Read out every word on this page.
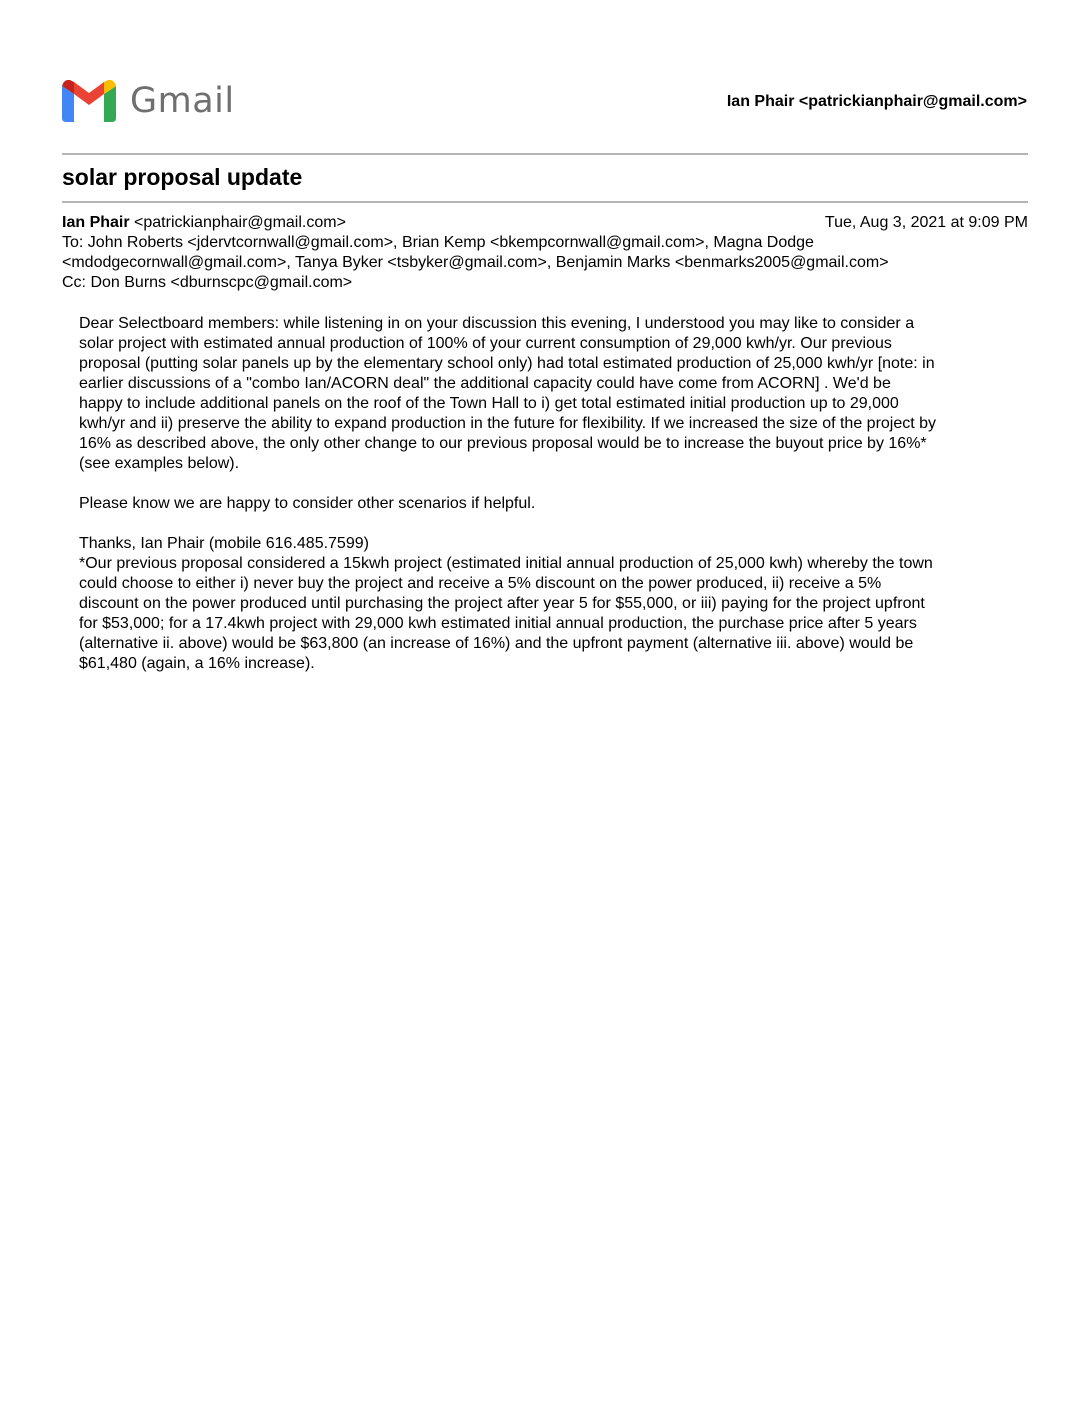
Gmail	Ian Phair <patrickianphair@gmail.com>
solar proposal update
Ian Phair <patrickianphair@gmail.com>	Tue, Aug 3, 2021 at 9:09 PM
To: John Roberts <jdervtcornwall@gmail.com>, Brian Kemp <bkempcornwall@gmail.com>, Magna Dodge
<mdodgecornwall@gmail.com>, Tanya Byker <tsbyker@gmail.com>, Benjamin Marks <benmarks2005@gmail.com>
Cc: Don Burns <dburnscpc@gmail.com>

Dear Selectboard members: while listening in on your discussion this evening, I understood you may like to consider a
solar project with estimated annual production of 100% of your current consumption of 29,000 kwh/yr. Our previous
proposal (putting solar panels up by the elementary school only) had total estimated production of 25,000 kwh/yr [note: in
earlier discussions of a "combo Ian/ACORN deal" the additional capacity could have come from ACORN] . We'd be
happy to include additional panels on the roof of the Town Hall to i) get total estimated initial production up to 29,000
kwh/yr and ii) preserve the ability to expand production in the future for flexibility. If we increased the size of the project by
16% as described above, the only other change to our previous proposal would be to increase the buyout price by 16%*
(see examples below).

Please know we are happy to consider other scenarios if helpful.

Thanks, Ian Phair (mobile 616.485.7599)

*Our previous proposal considered a 15kwh project (estimated initial annual production of 25,000 kwh) whereby the town
could choose to either i) never buy the project and receive a 5% discount on the power produced, ii) receive a 5%
discount on the power produced until purchasing the project after year 5 for $55,000, or iii) paying for the project upfront
for $53,000; for a 17.4kwh project with 29,000 kwh estimated initial annual production, the purchase price after 5 years
(alternative ii. above) would be $63,800 (an increase of 16%) and the upfront payment (alternative iii. above) would be
$61,480 (again, a 16% increase).
